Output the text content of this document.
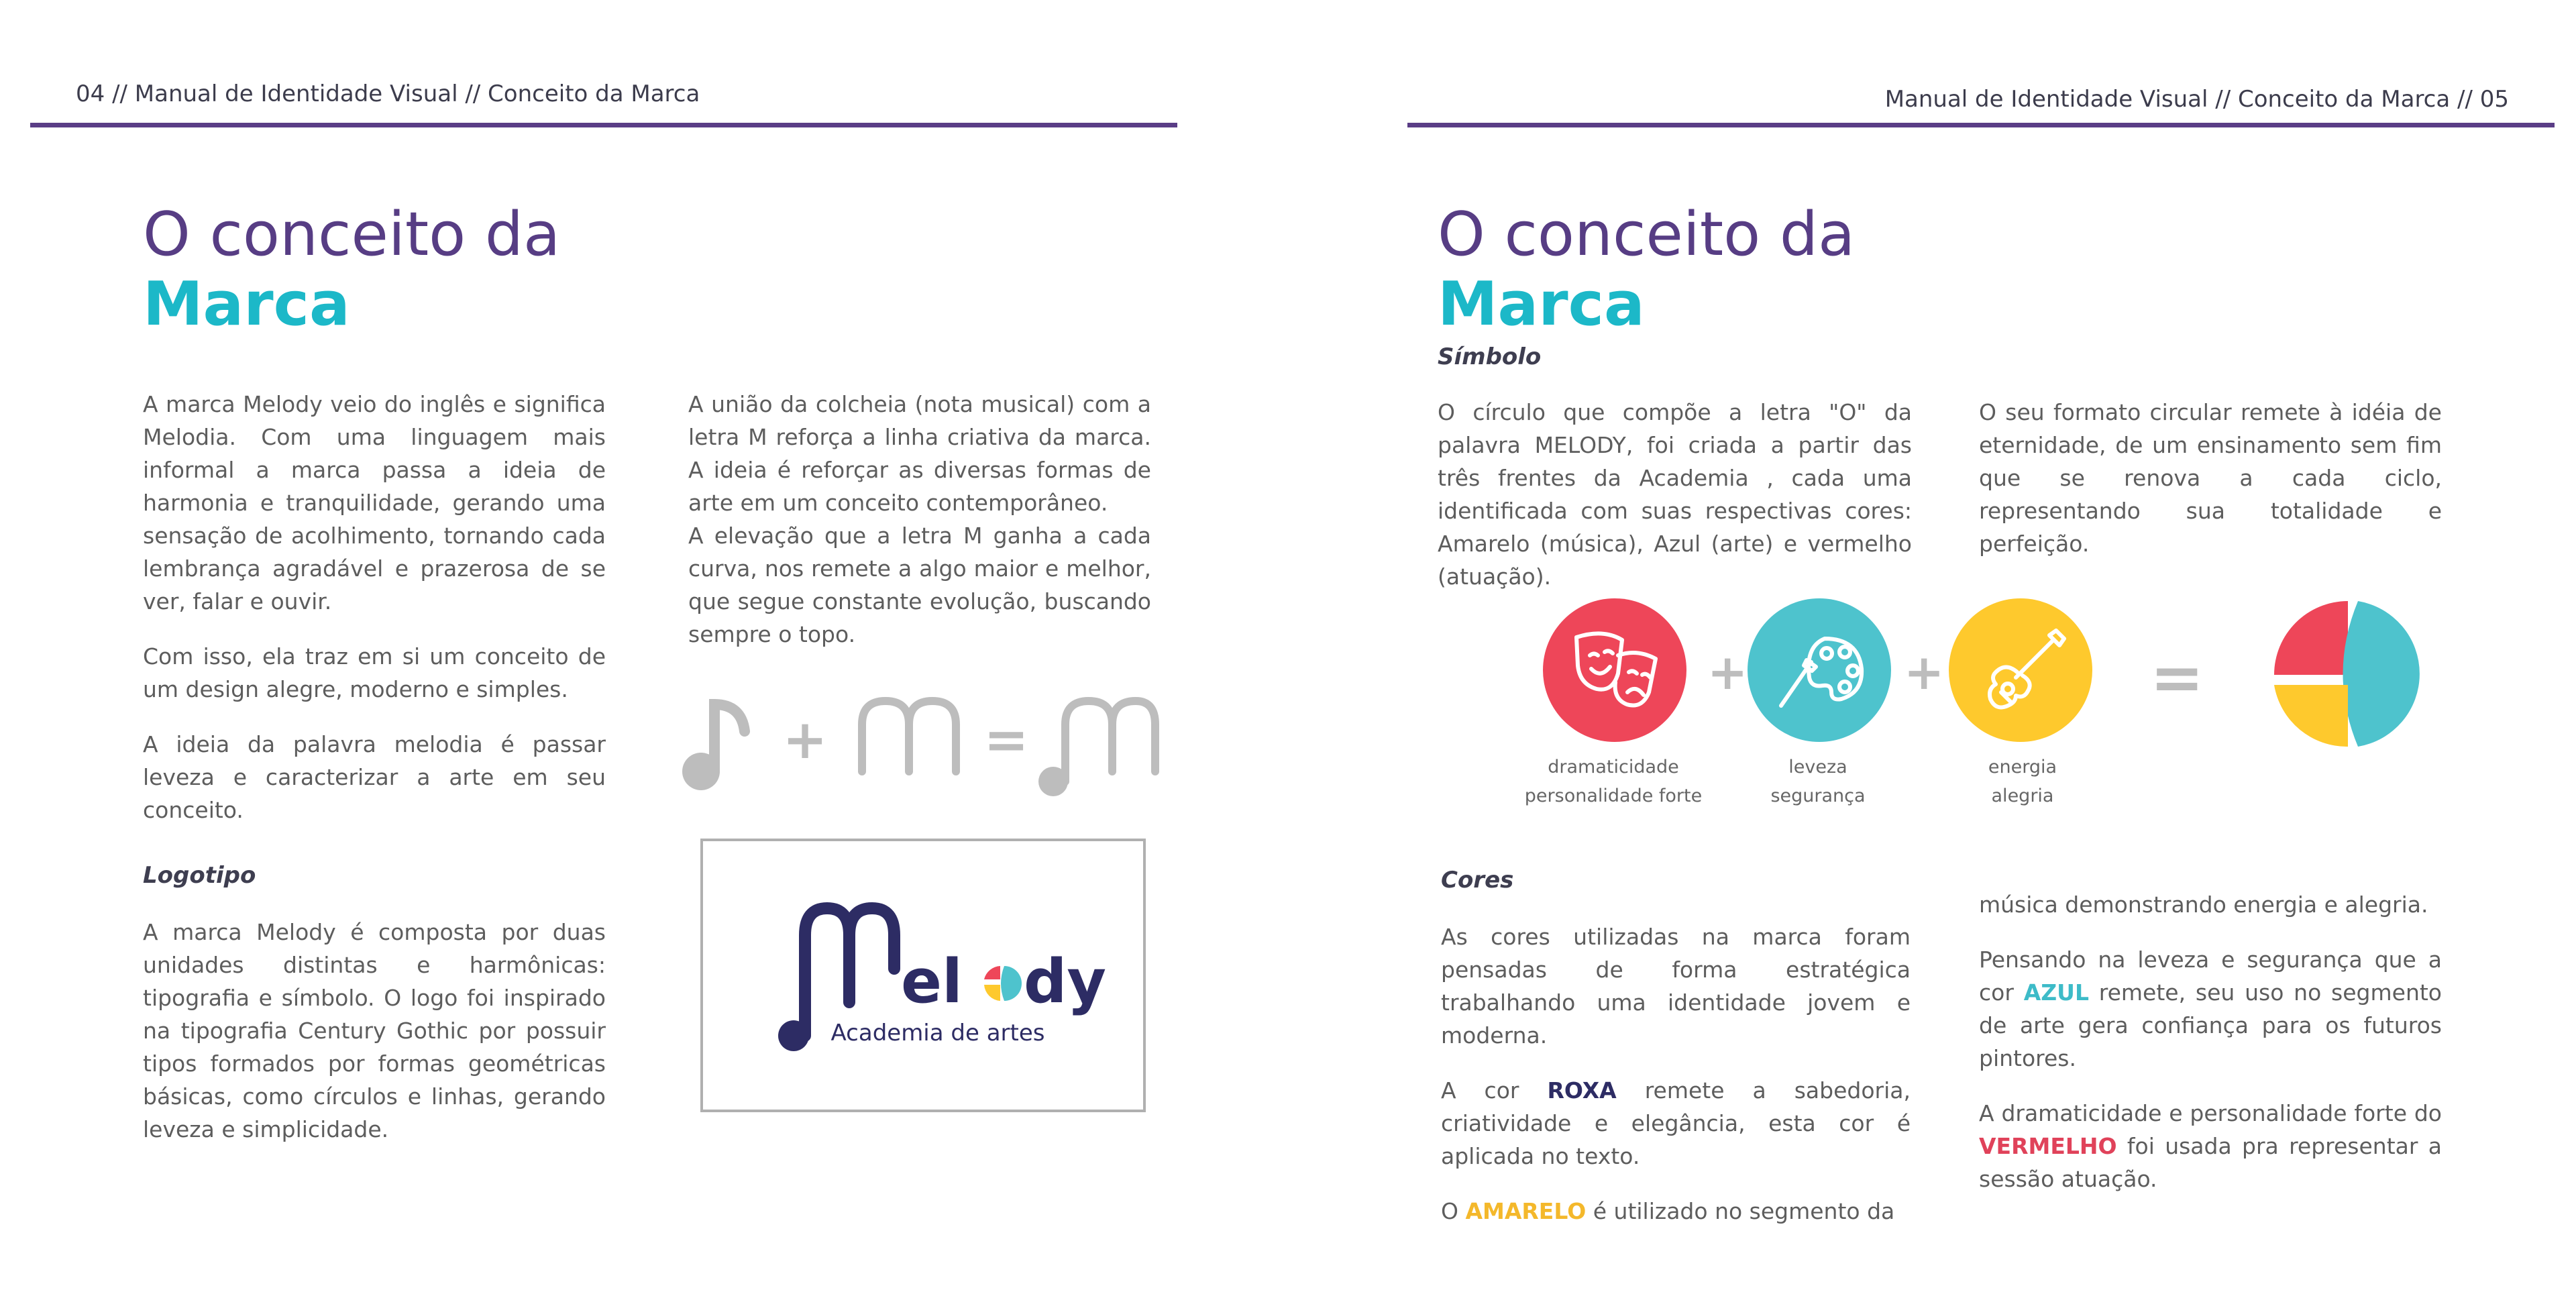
04 // Manual de Identidade Visual // Conceito da Marca
O conceito da
Marca

A marca Melody veio do inglês e significa Melodia. Com uma linguagem mais informal a marca passa a ideia de harmonia e tranquilidade, gerando uma sensação de acolhimento, tornando cada lembrança agradável e prazerosa de se ver, falar e ouvir.

Com isso, ela traz em si um conceito de um design alegre, moderno e simples.

A ideia da palavra melodia é passar leveza e caracterizar a arte em seu conceito.

A união da colcheia (nota musical) com a letra M reforça a linha criativa da marca. A ideia é reforçar as diversas formas de arte em um conceito contemporâneo.

A elevação que a letra M ganha a cada curva, nos remete a algo maior e melhor, que segue constante evolução, buscando sempre o topo.

+	=
Logotipo
A marca Melody é composta por duas unidades distintas e harmônicas: tipografia e símbolo. O logo foi inspirado na tipografia Century Gothic por possuir tipos formados por formas geométricas básicas, como círculos e linhas, gerando leveza e simplicidade.
el dy
Academia de artes
Manual de Identidade Visual // Conceito da Marca // 05
O conceito da
Marca
Símbolo
O círculo que compõe a letra "O" da palavra MELODY, foi criada a partir das três frentes da Academia , cada uma identificada com suas respectivas cores: Amarelo (música), Azul (arte) e vermelho (atuação).
O seu formato circular remete à idéia de eternidade, de um ensinamento sem fim que se renova a cada ciclo, representando sua totalidade e perfeição.
+	+	=
dramaticidade
personalidade forte
leveza
segurança
energia
alegria
Cores

As cores utilizadas na marca foram pensadas de forma estratégica trabalhando uma identidade jovem e moderna.

A cor ROXA remete a sabedoria, criatividade e elegância, esta cor é aplicada no texto.

O AMARELO é utilizado no segmento da

música demonstrando energia e alegria.

Pensando na leveza e segurança que a cor AZUL remete, seu uso no segmento de arte gera confiança para os futuros pintores.

A dramaticidade e personalidade forte do VERMELHO foi usada pra representar a sessão atuação.
